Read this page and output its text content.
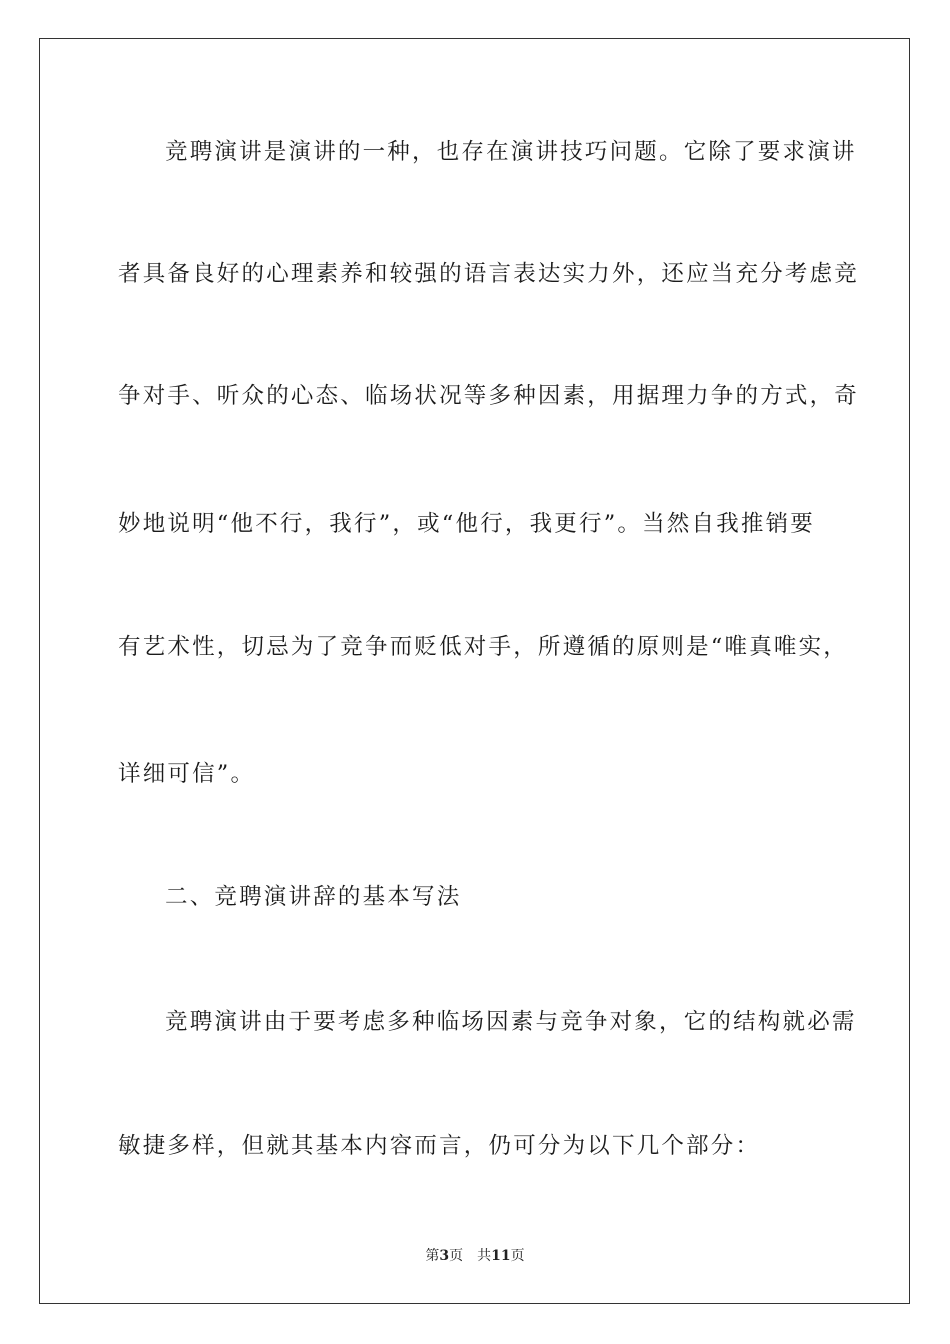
竞聘演讲是演讲的一种，也存在演讲技巧问题。它除了要求演讲
者具备良好的心理素养和较强的语言表达实力外，还应当充分考虑竞
争对手、听众的心态、临场状况等多种因素，用据理力争的方式，奇
妙地说明“他不行，我行”，或“他行，我更行”。当然自我推销要
有艺术性，切忌为了竞争而贬低对手，所遵循的原则是“唯真唯实，
详细可信”。
二、竞聘演讲辞的基本写法
竞聘演讲由于要考虑多种临场因素与竞争对象，它的结构就必需
敏捷多样，但就其基本内容而言，仍可分为以下几个部分：
第3页 共11页
